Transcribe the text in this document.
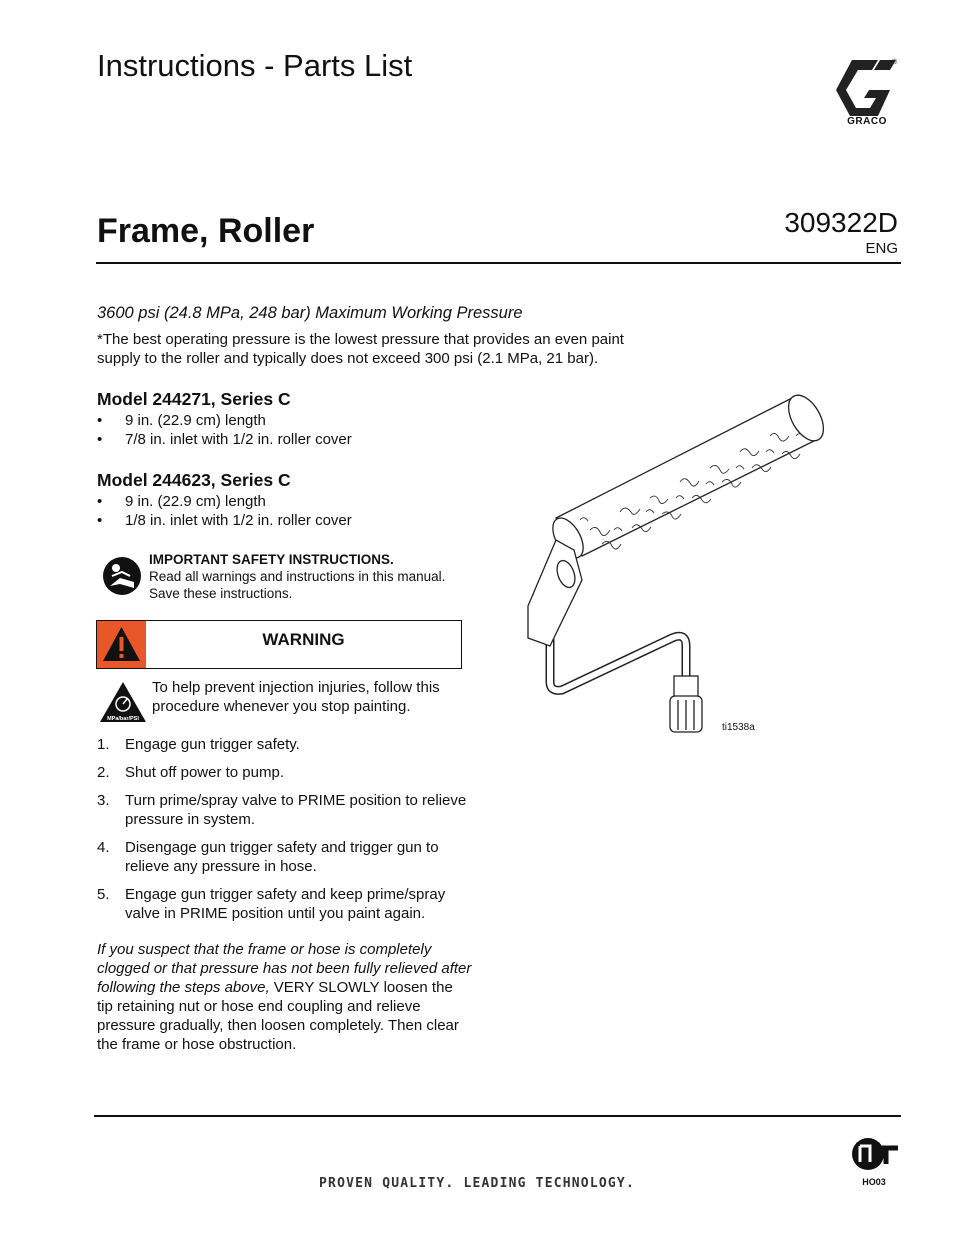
Instructions - Parts List	®
GRACO
Frame, Roller	309322D
ENG
3600 psi (24.8 MPa, 248 bar) Maximum Working Pressure
*The best operating pressure is the lowest pressure that provides an even paint supply to the roller and typically does not exceed 300 psi (2.1 MPa, 21 bar).
Model 244271, Series C
• 9 in. (22.9 cm) length
• 7/8 in. inlet with 1/2 in. roller cover
Model 244623, Series C
• 9 in. (22.9 cm) length
• 1/8 in. inlet with 1/2 in. roller cover
IMPORTANT SAFETY INSTRUCTIONS.
Read all warnings and instructions in this manual.
Save these instructions.
WARNING
MPa/bar/PSI
To help prevent injection injuries, follow this procedure whenever you stop painting.
1. Engage gun trigger safety.
2. Shut off power to pump.
3. Turn prime/spray valve to PRIME position to relieve pressure in system.
4. Disengage gun trigger safety and trigger gun to relieve any pressure in hose.
5. Engage gun trigger safety and keep prime/spray valve in PRIME position until you paint again.
If you suspect that the frame or hose is completely clogged or that pressure has not been fully relieved after following the steps above, VERY SLOWLY loosen the tip retaining nut or hose end coupling and relieve pressure gradually, then loosen completely. Then clear the frame or hose obstruction.
ti1538a
PROVEN QUALITY. LEADING TECHNOLOGY.	HO03
